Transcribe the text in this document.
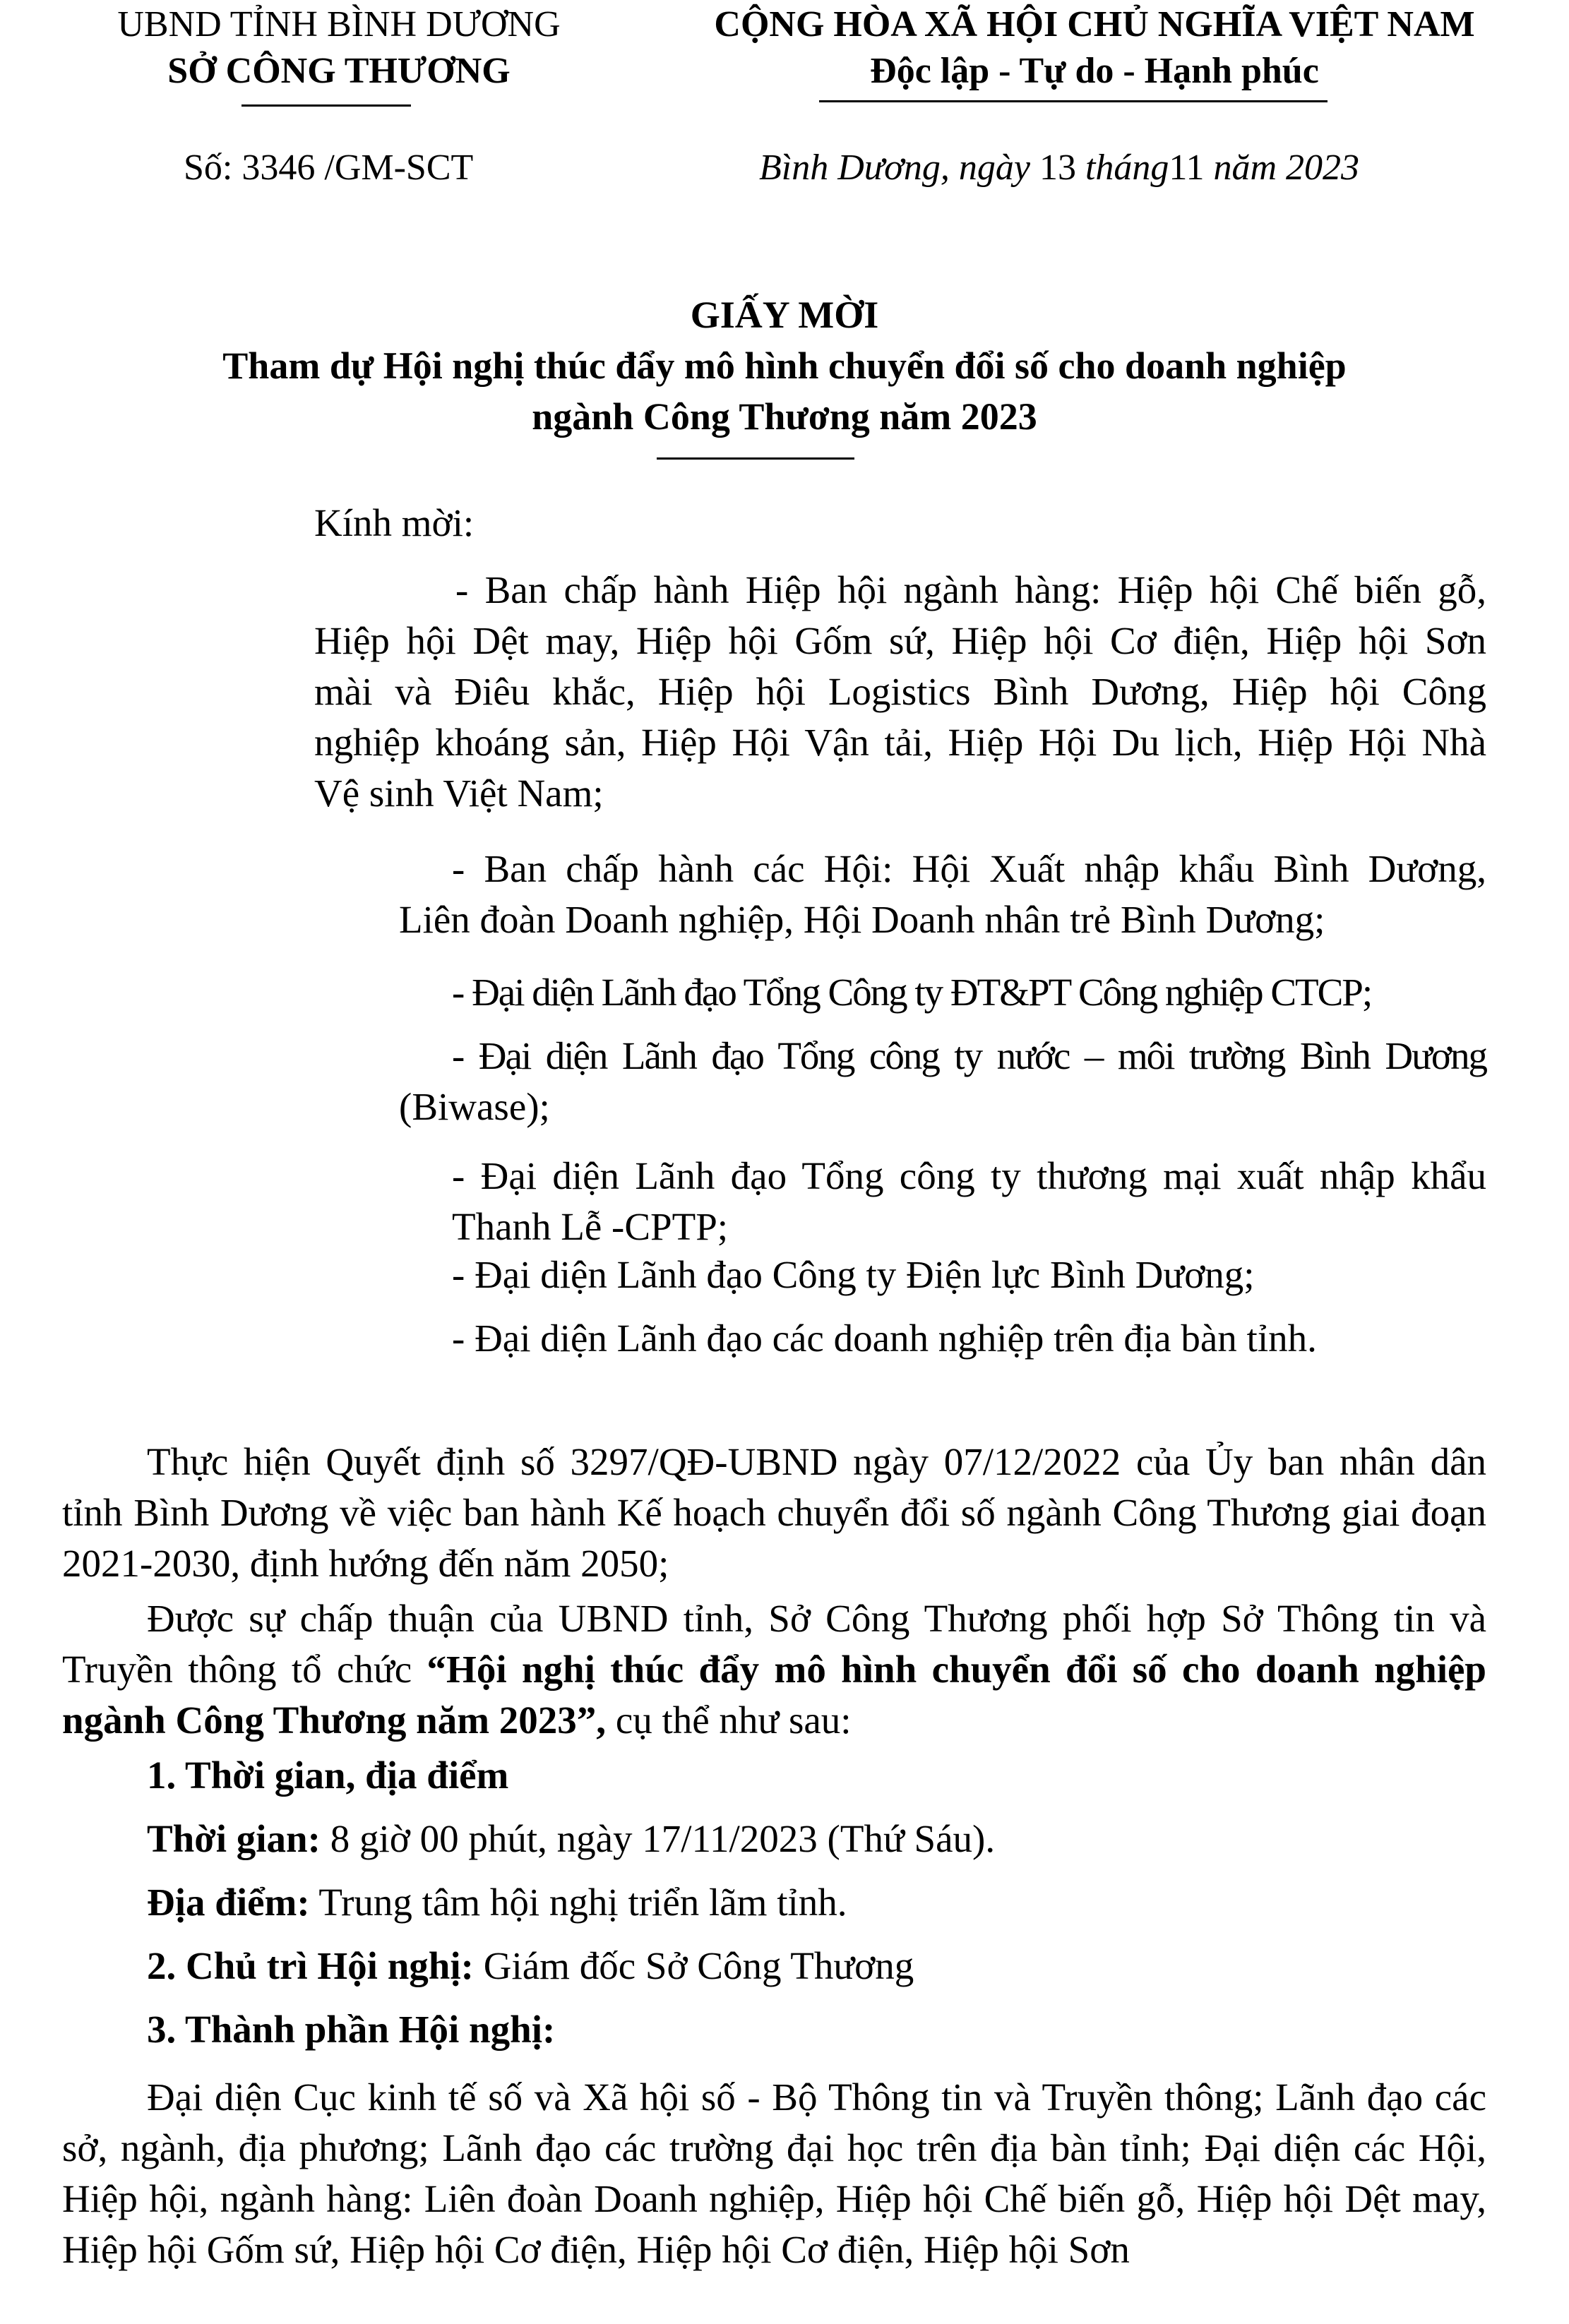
UBND TỈNH BÌNH DƯƠNG
SỞ CÔNG THƯƠNG
CỘNG HÒA XÃ HỘI CHỦ NGHĨA VIỆT NAM
Độc lập - Tự do - Hạnh phúc
Số: 3346 /GM-SCT	Bình Dương, ngày 13 tháng11 năm 2023
GIẤY MỜI
Tham dự Hội nghị thúc đẩy mô hình chuyển đổi số cho doanh nghiệp
ngành Công Thương năm 2023
Kính mời:
- Ban chấp hành Hiệp hội ngành hàng: Hiệp hội Chế biến gỗ,
Hiệp hội Dệt may, Hiệp hội Gốm sứ, Hiệp hội Cơ điện, Hiệp hội Sơn
mài và Điêu khắc, Hiệp hội Logistics Bình Dương, Hiệp hội Công
nghiệp khoáng sản, Hiệp Hội Vận tải, Hiệp Hội Du lịch, Hiệp Hội Nhà
Vệ sinh Việt Nam;
- Ban chấp hành các Hội: Hội Xuất nhập khẩu Bình Dương,
Liên đoàn Doanh nghiệp, Hội Doanh nhân trẻ Bình Dương;
- Đại diện Lãnh đạo Tổng Công ty ĐT&PT Công nghiệp CTCP;
- Đại diện Lãnh đạo Tổng công ty nước – môi trường Bình Dương
(Biwase);
- Đại diện Lãnh đạo Tổng công ty thương mại xuất nhập khẩu
Thanh Lễ -CPTP;
- Đại diện Lãnh đạo Công ty Điện lực Bình Dương;
- Đại diện Lãnh đạo các doanh nghiệp trên địa bàn tỉnh.

Thực hiện Quyết định số 3297/QĐ-UBND ngày 07/12/2022 của Ủy ban nhân dân tỉnh Bình Dương về việc ban hành Kế hoạch chuyển đổi số ngành Công Thương giai đoạn 2021-2030, định hướng đến năm 2050;

Được sự chấp thuận của UBND tỉnh, Sở Công Thương phối hợp Sở Thông tin và Truyền thông tổ chức “Hội nghị thúc đẩy mô hình chuyển đổi số cho doanh nghiệp ngành Công Thương năm 2023”, cụ thể như sau:

1. Thời gian, địa điểm

Thời gian: 8 giờ 00 phút, ngày 17/11/2023 (Thứ Sáu).

Địa điểm: Trung tâm hội nghị triển lãm tỉnh.

2. Chủ trì Hội nghị: Giám đốc Sở Công Thương

3. Thành phần Hội nghị:

Đại diện Cục kinh tế số và Xã hội số - Bộ Thông tin và Truyền thông; Lãnh đạo các sở, ngành, địa phương; Lãnh đạo các trường đại học trên địa bàn tỉnh; Đại diện các Hội, Hiệp hội, ngành hàng: Liên đoàn Doanh nghiệp, Hiệp hội Chế biến gỗ, Hiệp hội Dệt may, Hiệp hội Gốm sứ, Hiệp hội Cơ điện, Hiệp hội Cơ điện, Hiệp hội Sơn
